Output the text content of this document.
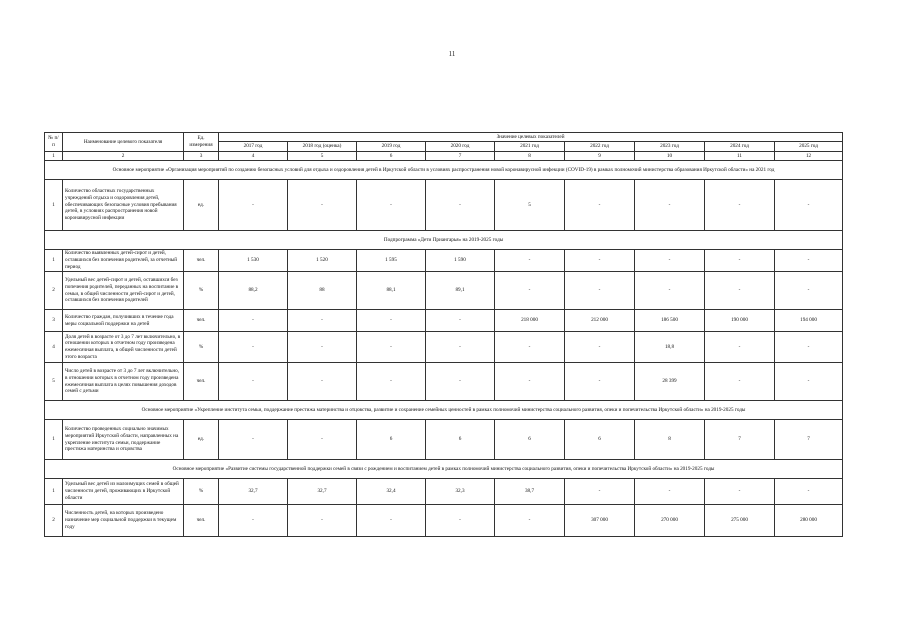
11
№ п/п	Наименование целевого показателя	Ед. измерения	Значение целевых показателей								
			2017 год	2018 год (оценка)	2019 год	2020 год	2021 год	2022 год	2023 год	2024 год	2025 год
1	2	3	4	5	6	7	8	9	10	11	12
Основное мероприятие «Организация мероприятий по созданию безопасных условий для отдыха и оздоровления детей в Иркутской области в условиях распространения новой коронавирусной инфекции (COVID-19) в рамках полномочий министерства образования Иркутской области» на 2021 год											
1	Количество областных государственных учреждений отдыха и оздоровления детей, обеспечивающих безопасные условия пребывания детей, в условиях распространения новой коронавирусной инфекции	ед.	-	-	-	-	5	-	-	-	-
Подпрограмма «Дети Приангарья» на 2019-2025 годы											
1	Количество выявленных детей-сирот и детей, оставшихся без попечения родителей, за отчетный период	чел.	1 530	1 520	1 595	1 590	-	-	-	-	-
2	Удельный вес детей-сирот и детей, оставшихся без попечения родителей, переданных на воспитание в семьи, в общей численности детей-сирот и детей, оставшихся без попечения родителей	%	88,2	88	88,1	89,1	-	-	-	-	-
3	Количество граждан, получивших в течение года меры социальной поддержки на детей	чел.	-	-	-	-	218 000	212 000	186 500	190 000	194 000
4	Доля детей в возрасте от 3 до 7 лет включительно, в отношении которых в отчетном году произведена ежемесячная выплата, в общей численности детей этого возраста	%	-	-	-	-	-	-	18,8	-	-
5	Число детей в возрасте от 3 до 7 лет включительно, в отношении которых в отчетном году произведена ежемесячная выплата в целях повышения доходов семей с детьми	чел.	-	-	-	-	-	-	28 399	-	-
Основное мероприятие «Укрепление института семьи, поддержание престижа материнства и отцовства, развитие и сохранение семейных ценностей в рамках полномочий министерства социального развития, опеки и попечительства Иркутской области» на 2019-2025 годы											
1	Количество проведенных социально значимых мероприятий Иркутской области, направленных на укрепление института семьи, поддержание престижа материнства и отцовства	ед.	-	-	6	6	6	6	8	7	7
Основное мероприятие «Развитие системы государственной поддержки семей в связи с рождением и воспитанием детей в рамках полномочий министерства социального развития, опеки и попечительства Иркутской области» на 2019-2025 годы											
1	Удельный вес детей из малоимущих семей в общей численности детей, проживающих в Иркутской области	%	32,7	32,7	32,4	32,3	38,7	-	-	-	-
2	Численность детей, на которых произведено назначение мер социальной поддержки в текущем году	чел.	-	-	-	-	-	307 000	270 000	275 000	280 000
